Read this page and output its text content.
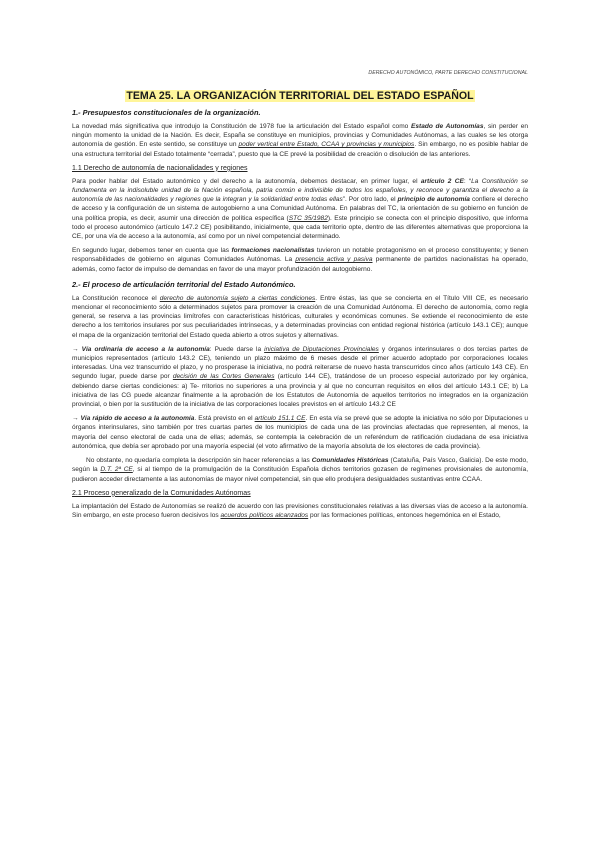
DERECHO AUTONÓMICO, PARTE DERECHO CONSTITUCIONAL
TEMA 25. LA ORGANIZACIÓN TERRITORIAL DEL ESTADO ESPAÑOL
1.- Presupuestos constitucionales de la organización.

La novedad más significativa que introdujo la Constitución de 1978 fue la articulación del Estado español como Estado de Autonomías, sin perder en ningún momento la unidad de la Nación. Es decir, España se constituye en municipios, provincias y Comunidades Autónomas, a las cuales se les otorga autonomía de gestión. En este sentido, se constituye un poder vertical entre Estado, CCAA y provincias y municipios. Sin embargo, no es posible hablar de una estructura territorial del Estado totalmente “cerrada”, puesto que la CE prevé la posibilidad de creación o disolución de las anteriores.

1.1 Derecho de autonomía de nacionalidades y regiones

Para poder hablar del Estado autonómico y del derecho a la autonomía, debemos destacar, en primer lugar, el artículo 2 CE: “La Constitución se fundamenta en la indisoluble unidad de la Nación española, patria común e indivisible de todos los españoles, y reconoce y garantiza el derecho a la autonomía de las nacionalidades y regiones que la integran y la solidaridad entre todas ellas”. Por otro lado, el principio de autonomía confiere el derecho de acceso y la configuración de un sistema de autogobierno a una Comunidad Autónoma. En palabras del TC, la orientación de su gobierno en función de una política propia, es decir, asumir una dirección de política específica (STC 35/1982). Este principio se conecta con el principio dispositivo, que informa todo el proceso autonómico (artículo 147.2 CE) posibilitando, inicialmente, que cada territorio opte, dentro de las diferentes alternativas que proporciona la CE, por una vía de acceso a la autonomía, así como por un nivel competencial determinado.

En segundo lugar, debemos tener en cuenta que las formaciones nacionalistas tuvieron un notable protagonismo en el proceso constituyente; y tienen responsabilidades de gobierno en algunas Comunidades Autónomas. La presencia activa y pasiva permanente de partidos nacionalistas ha operado, además, como factor de impulso de demandas en favor de una mayor profundización del autogobierno.

2.- El proceso de articulación territorial del Estado Autonómico.

La Constitución reconoce el derecho de autonomía sujeto a ciertas condiciones. Entre éstas, las que se concierta en el Título VIII CE, es necesario mencionar el reconocimiento sólo a determinados sujetos para promover la creación de una Comunidad Autónoma. El derecho de autonomía, como regla general, se reserva a las provincias limítrofes con características históricas, culturales y económicas comunes. Se extiende el reconocimiento de este derecho a los territorios insulares por sus peculiaridades intrínsecas, y a determinadas provincias con entidad regional histórica (artículo 143.1 CE); aunque el mapa de la organización territorial del Estado queda abierto a otros sujetos y alternativas.

→ Vía ordinaria de acceso a la autonomía: Puede darse la iniciativa de Diputaciones Provinciales y órganos interinsulares o dos tercias partes de municipios representados (artículo 143.2 CE), teniendo un plazo máximo de 6 meses desde el primer acuerdo adoptado por corporaciones locales interesadas. Una vez transcurrido el plazo, y no prosperase la iniciativa, no podrá reiterarse de nuevo hasta transcurridos cinco años (artículo 143 CE). En segundo lugar, puede darse por decisión de las Cortes Generales (artículo 144 CE), tratándose de un proceso especial autorizado por ley orgánica, debiendo darse ciertas condiciones: a) Te- rritorios no superiores a una provincia y al que no concurran requisitos en ellos del artículo 143.1 CE; b) La iniciativa de las CG puede alcanzar finalmente a la aprobación de los Estatutos de Autonomía de aquellos territorios no integrados en la organización provincial, o bien por la sustitución de la iniciativa de las corporaciones locales previstos en el artículo 143.2 CE

→ Vía rápido de acceso a la autonomía. Está previsto en el artículo 151.1 CE. En esta vía se prevé que se adopte la iniciativa no sólo por Diputaciones u órganos interinsulares, sino también por tres cuartas partes de los municipios de cada una de las provincias afectadas que representen, al menos, la mayoría del censo electoral de cada una de ellas; además, se contempla la celebración de un referéndum de ratificación ciudadana de esa iniciativa autonómica, que debía ser aprobado por una mayoría especial (el voto afirmativo de la mayoría absoluta de los electores de cada provincia).

No obstante, no quedaría completa la descripción sin hacer referencias a las Comunidades Históricas (Cataluña, País Vasco, Galicia). De este modo, según la D.T. 2ª CE, si al tiempo de la promulgación de la Constitución Española dichos territorios gozasen de regímenes provisionales de autonomía, pudieron acceder directamente a las autonomías de mayor nivel competencial, sin que ello produjera desigualdades sustantivas entre CCAA.

2.1 Proceso generalizado de la Comunidades Autónomas

La implantación del Estado de Autonomías se realizó de acuerdo con las previsiones constitucionales relativas a las diversas vías de acceso a la autonomía. Sin embargo, en este proceso fueron decisivos los acuerdos políticos alcanzados por las formaciones políticas, entonces hegemónica en el Estado,
